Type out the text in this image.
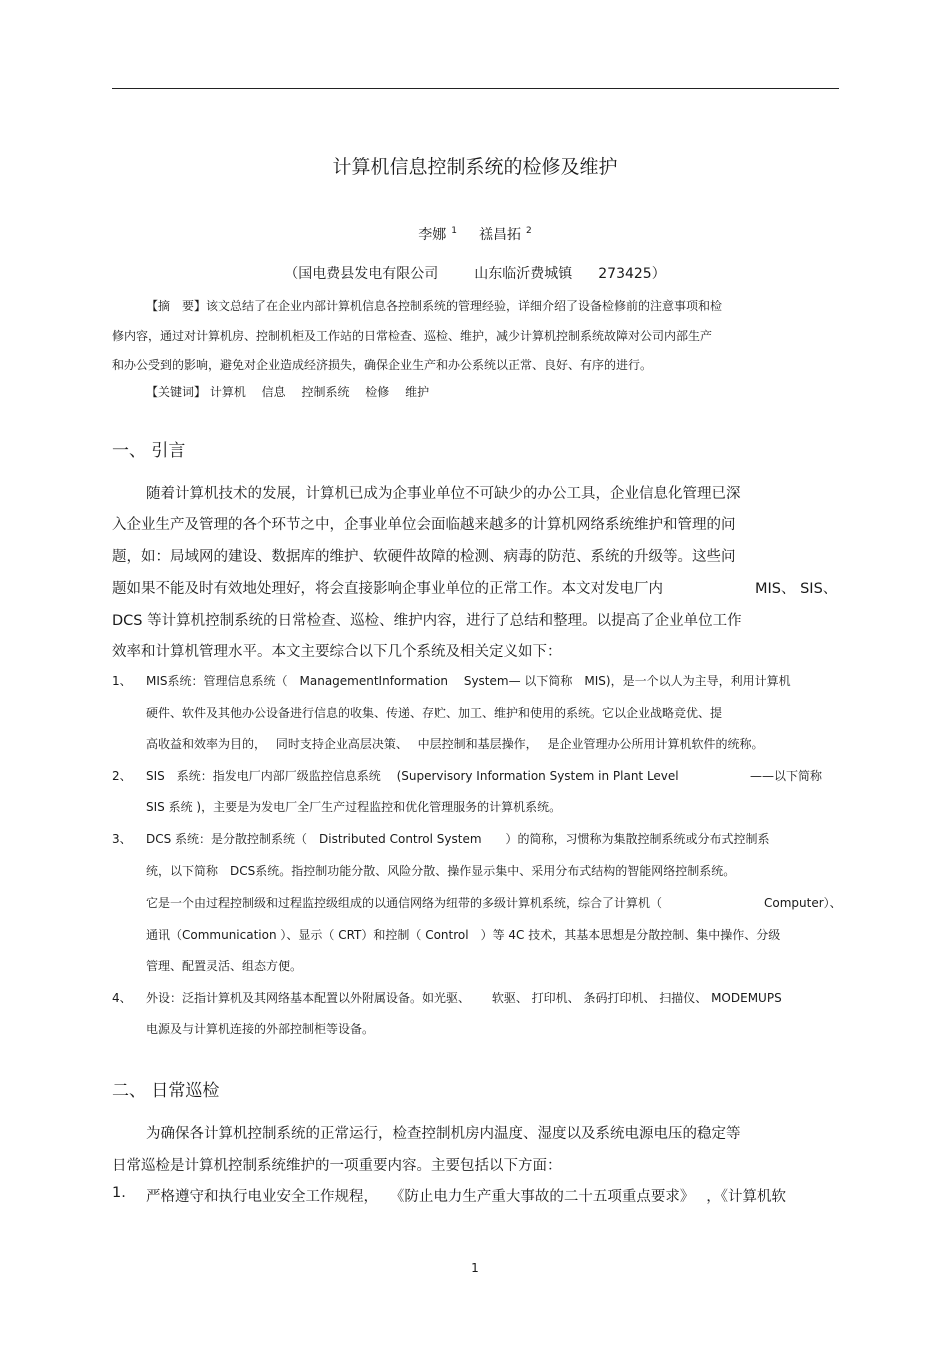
计算机信息控制系统的检修及维护
李娜 $^1$ 禚昌拓 $^2$
（国电费县发电有限公司	山东临沂费城镇 273425）
【摘　要】该文总结了在企业内部计算机信息各控制系统的管理经验，详细介绍了设备检修前的注意事项和检
修内容，通过对计算机房、控制机柜及工作站的日常检查、巡检、维护，减少计算机控制系统故障对公司内部生产
和办公受到的影响，避免对企业造成经济损失，确保企业生产和办公系统以正常、良好、有序的进行。
【关键词】 计算机　 信息　 控制系统　 检修　 维护
一、 引言
随着计算机技术的发展，计算机已成为企事业单位不可缺少的办公工具，企业信息化管理已深
入企业生产及管理的各个环节之中，企事业单位会面临越来越多的计算机网络系统维护和管理的问
题，如：局域网的建设、数据库的维护、软硬件故障的检测、病毒的防范、系统的升级等。这些问
题如果不能及时有效地处理好，将会直接影响企事业单位的正常工作。本文对发电厂内	MIS、 SIS、
DCS 等计算机控制系统的日常检查、巡检、维护内容，进行了总结和整理。以提高了企业单位工作
效率和计算机管理水平。本文主要综合以下几个系统及相关定义如下：
1、 MIS系统：管理信息系统（　ManagementInformation　 System— 以下简称　MIS)，是一个以人为主导，利用计算机
硬件、软件及其他办公设备进行信息的收集、传递、存贮、加工、维护和使用的系统。它以企业战略竞优、提
高收益和效率为目的，　 同时支持企业高层决策、　 中层控制和基层操作，　 是企业管理办公所用计算机软件的统称。
2、 SIS　系统：指发电厂内部厂级监控信息系统　 (Supervisory Information System in Plant Level	——以下简称
SIS 系统 )，主要是为发电厂全厂生产过程监控和优化管理服务的计算机系统。
3、 DCS 系统：是分散控制系统（　Distributed Control System　　）的简称，习惯称为集散控制系统或分布式控制系
统，以下简称　DCS系统。指控制功能分散、风险分散、操作显示集中、采用分布式结构的智能网络控制系统。
它是一个由过程控制级和过程监控级组成的以通信网络为纽带的多级计算机系统，综合了计算机（	Computer）、
通讯（Communication ）、显示（ CRT）和控制（ Control　）等 4C 技术，其基本思想是分散控制、集中操作、分级
管理、配置灵活、组态方便。
4、 外设：泛指计算机及其网络基本配置以外附属设备。如光驱、　　 软驱、 打印机、 条码打印机、 扫描仪、 MODEMUPS
电源及与计算机连接的外部控制柜等设备。
二、 日常巡检
为确保各计算机控制系统的正常运行，检查控制机房内温度、湿度以及系统电源电压的稳定等
日常巡检是计算机控制系统维护的一项重要内容。主要包括以下方面：
1. 严格遵守和执行电业安全工作规程，　 《防止电力生产重大事故的二十五项重点要求》　 ，《计算机软
1
